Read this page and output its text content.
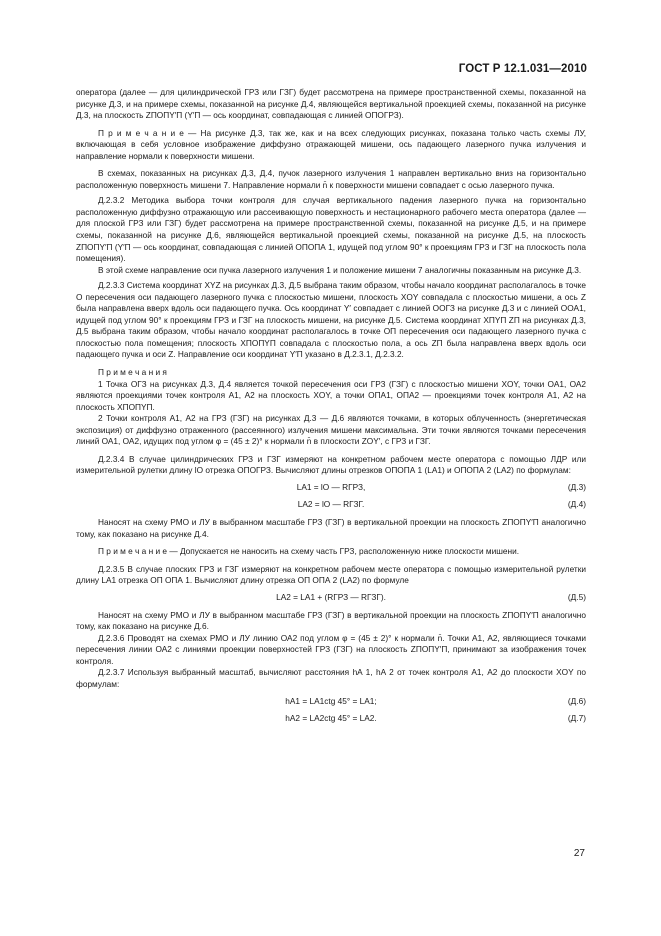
ГОСТ Р 12.1.031—2010

оператора (далее — для цилиндрической ГРЗ или ГЗГ) будет рассмотрена на примере пространственной схемы, показанной на рисунке Д.3, и на примере схемы, показанной на рисунке Д.4, являющейся вертикальной проекцией схемы, показанной на рисунке Д.3, на плоскость ZПОПY′П (Y′П — ось координат, совпадающая с линией ОПОГРЗ).

П р и м е ч а н и е — На рисунке Д.3, так же, как и на всех следующих рисунках, показана только часть схемы ЛУ, включающая в себя условное изображение диффузно отражающей мишени, ось падающего лазерного пучка излучения и направление нормали к поверхности мишени.

В схемах, показанных на рисунках Д.3, Д.4, пучок лазерного излучения 1 направлен вертикально вниз на горизонтально расположенную поверхность мишени 7. Направление нормали n̄ к поверхности мишени совпадает с осью лазерного пучка.

Д.2.3.2 Методика выбора точки контроля для случая вертикального падения лазерного пучка на горизонтально расположенную диффузно отражающую или рассеивающую поверхность и нестационарного рабочего места оператора (далее — для плоской ГРЗ или ГЗГ) будет рассмотрена на примере пространственной схемы, показанной на рисунке Д.5, и на примере схемы, показанной на рисунке Д.6, являющейся вертикальной проекцией схемы, показанной на рисунке Д.5, на плоскость ZПОПY′П (Y′П — ось координат, совпадающая с линией ОПОПА 1, идущей под углом 90° к проекциям ГРЗ и ГЗГ на плоскость пола помещения).

В этой схеме направление оси пучка лазерного излучения 1 и положение мишени 7 аналогичны показанным на рисунке Д.3.

Д.2.3.3 Система координат XYZ на рисунках Д.3, Д.5 выбрана таким образом, чтобы начало координат располагалось в точке О пересечения оси падающего лазерного пучка с плоскостью мишени, плоскость XOY совпадала с плоскостью мишени, а ось Z была направлена вверх вдоль оси падающего пучка. Ось координат Y′ совпадает с линией ООГЗ на рисунке Д.3 и с линией ООА1, идущей под углом 90° к проекциям ГРЗ и ГЗГ на плоскость мишени, на рисунке Д.5. Система координат XПYП ZП на рисунках Д.3, Д.5 выбрана таким образом, чтобы начало координат располагалось в точке ОП пересечения оси падающего лазерного пучка с плоскостью пола помещения; плоскость XПОПYП совпадала с плоскостью пола, а ось ZП была направлена вверх вдоль оси падающего пучка и оси Z. Направление оси координат Y′П указано в Д.2.3.1, Д.2.3.2.

П р и м е ч а н и я

1 Точка ОГЗ на рисунках Д.3, Д.4 является точкой пересечения оси ГРЗ (ГЗГ) с плоскостью мишени XOY, точки ОА1, ОА2 являются проекциями точек контроля А1, А2 на плоскость XOY, а точки ОПА1, ОПА2 — проекциями точек контроля А1, А2 на плоскость XПОПYП.

2 Точки контроля А1, А2 на ГРЗ (ГЗГ) на рисунках Д.3 — Д.6 являются точками, в которых облученность (энергетическая экспозиция) от диффузно отраженного (рассеянного) излучения мишени максимальна. Эти точки являются точками пересечения линий ОА1, ОА2, идущих под углом φ = (45 ± 2)° к нормали n̄ в плоскости ZOY′, с ГРЗ и ГЗГ.

Д.2.3.4 В случае цилиндрических ГРЗ и ГЗГ измеряют на конкретном рабочем месте оператора с помощью ЛДР или измерительной рулетки длину lО отрезка ОПОГРЗ. Вычисляют длины отрезков ОПОПА 1 (LA1) и ОПОПА 2 (LA2) по формулам:

LA1 = lО — RГРЗ,	(Д.3)
LA2 = lО — RГЗГ.	(Д.4)

Наносят на схему РМО и ЛУ в выбранном масштабе ГРЗ (ГЗГ) в вертикальной проекции на плоскость ZПОПY′П аналогично тому, как показано на рисунке Д.4.

П р и м е ч а н и е — Допускается не наносить на схему часть ГРЗ, расположенную ниже плоскости мишени.

Д.2.3.5 В случае плоских ГРЗ и ГЗГ измеряют на конкретном рабочем месте оператора с помощью измерительной рулетки длину LA1 отрезка ОП ОПА 1. Вычисляют длину отрезка ОП ОПА 2 (LA2) по формуле

LA2 = LA1 + (RГРЗ — RГЗГ).	(Д.5)

Наносят на схему РМО и ЛУ в выбранном масштабе ГРЗ (ГЗГ) в вертикальной проекции на плоскость ZПОПY′П аналогично тому, как показано на рисунке Д.6.

Д.2.3.6 Проводят на схемах РМО и ЛУ линию ОА2 под углом φ = (45 ± 2)° к нормали n̄. Точки А1, А2, являющиеся точками пересечения линии ОА2 с линиями проекции поверхностей ГРЗ (ГЗГ) на плоскость ZПОПY′П, принимают за изображения точек контроля.

Д.2.3.7 Используя выбранный масштаб, вычисляют расстояния hA 1, hA 2 от точек контроля А1, А2 до плоскости XOY по формулам:

hA1 = LA1ctg 45° = LA1;	(Д.6)
hA2 = LA2ctg 45° = LA2.	(Д.7)
27
